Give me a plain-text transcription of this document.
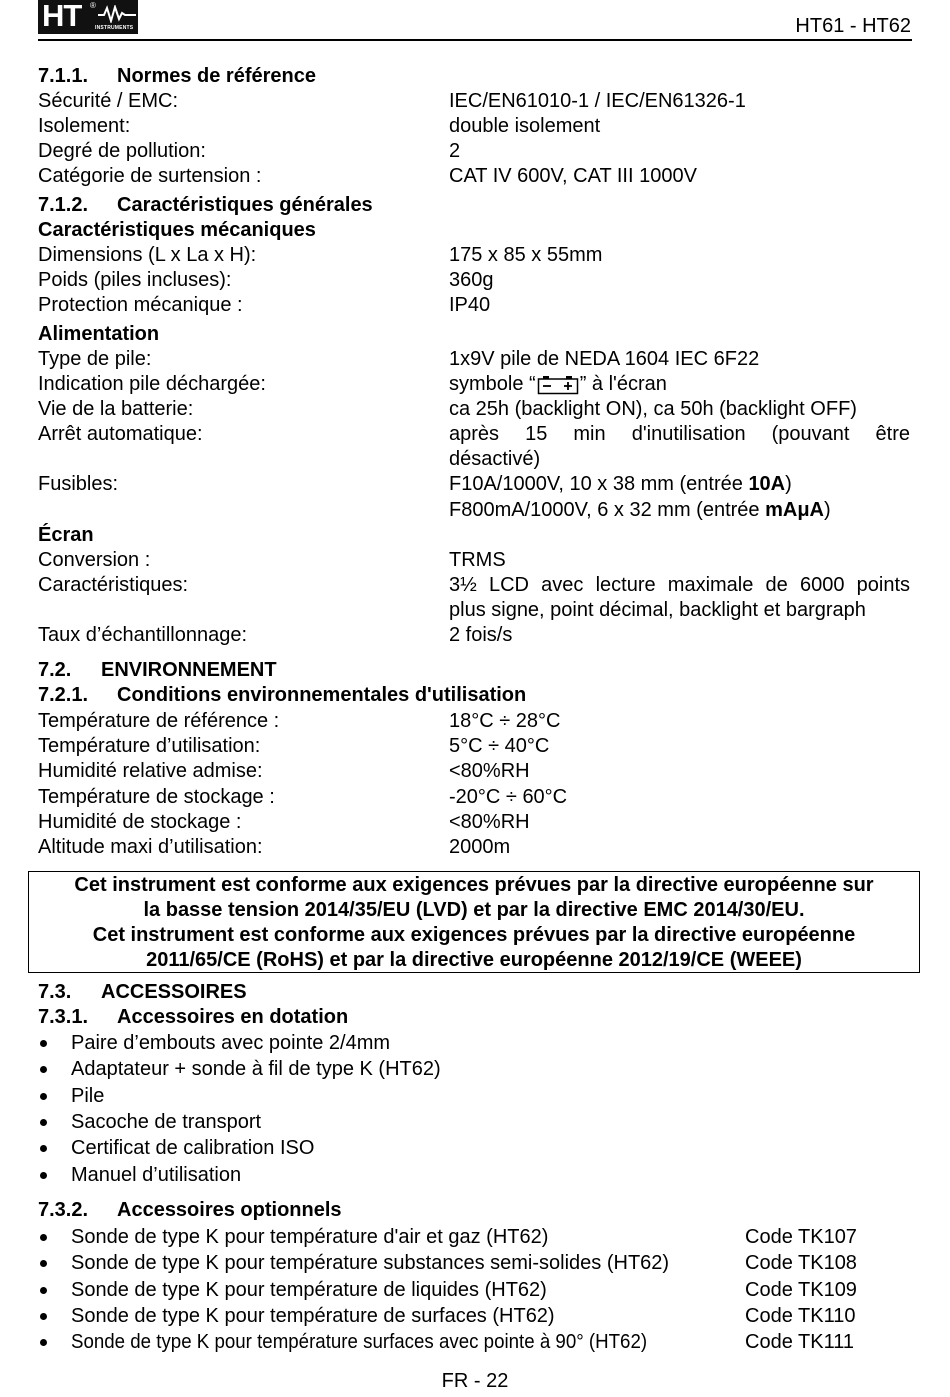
HT ®
INSTRUMENTS	HT61 - HT62
7.1.1. Normes de référence
Sécurité / EMC:	IEC/EN61010-1 / IEC/EN61326-1
Isolement:	double isolement
Degré de pollution:	2
Catégorie de surtension :	CAT IV 600V, CAT III 1000V
7.1.2. Caractéristiques générales
Caractéristiques mécaniques
Dimensions (L x La x H):	175 x 85 x 55mm
Poids (piles incluses):	360g
Protection mécanique :	IP40
Alimentation
Type de pile:	1x9V pile de NEDA 1604 IEC 6F22
Indication pile déchargée:	symbole “ ” à l'écran
Vie de la batterie:	ca 25h (backlight ON), ca 50h (backlight OFF)
Arrêt automatique:	après 15 min d'inutilisation (pouvant être
désactivé)
Fusibles:	F10A/1000V, 10 x 38 mm (entrée 10A)
F800mA/1000V, 6 x 32 mm (entrée mAμA)
Écran
Conversion :	TRMS
Caractéristiques:	3½ LCD avec lecture maximale de 6000 points
plus signe, point décimal, backlight et bargraph
Taux d’échantillonnage:	2 fois/s
7.2. ENVIRONNEMENT
7.2.1. Conditions environnementales d'utilisation
Température de référence :	18°C ÷ 28°C
Température d’utilisation:	5°C ÷ 40°C
Humidité relative admise:	<80%RH
Température de stockage :	-20°C ÷ 60°C
Humidité de stockage :	<80%RH
Altitude maxi d’utilisation:	2000m
Cet instrument est conforme aux exigences prévues par la directive européenne sur
la basse tension 2014/35/EU (LVD) et par la directive EMC 2014/30/EU.
Cet instrument est conforme aux exigences prévues par la directive européenne
2011/65/CE (RoHS) et par la directive européenne 2012/19/CE (WEEE)
7.3. ACCESSOIRES
7.3.1. Accessoires en dotation
Paire d’embouts avec pointe 2/4mm
Adaptateur + sonde à fil de type K (HT62)
Pile
Sacoche de transport
Certificat de calibration ISO
Manuel d’utilisation
7.3.2. Accessoires optionnels
Sonde de type K pour température d'air et gaz (HT62)	Code TK107
Sonde de type K pour température substances semi-solides (HT62)	Code TK108
Sonde de type K pour température de liquides (HT62)	Code TK109
Sonde de type K pour température de surfaces (HT62)	Code TK110
Sonde de type K pour température surfaces avec pointe à 90° (HT62)	Code TK111
FR - 22
